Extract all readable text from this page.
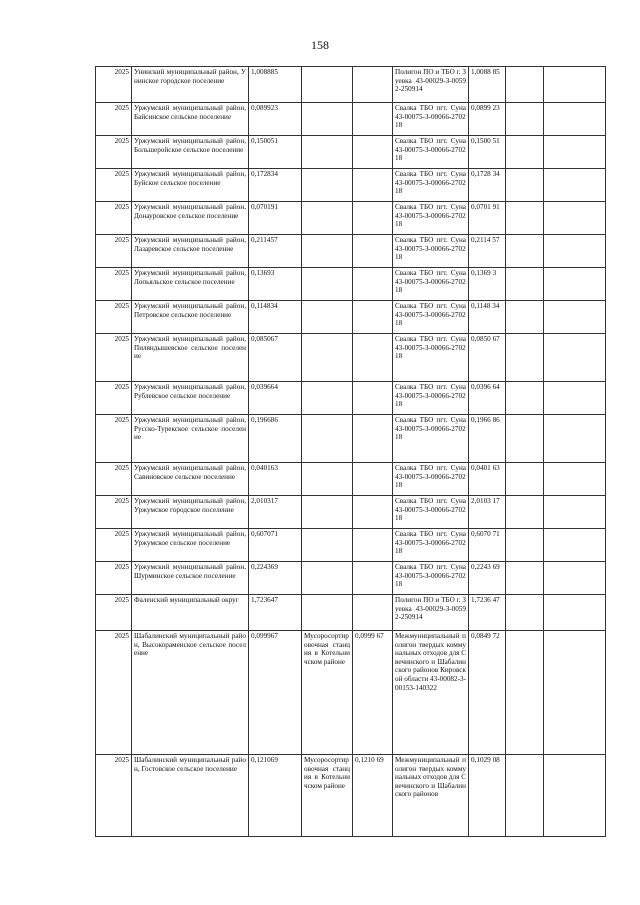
158
2025	Унинский муниципальный район, Унинское городское поселение	1,008885			Полигон ПО и ТБО г. Зуевка 43-00029-З-00592-250914	1,0088 85		
2025	Уржумский муниципальный район, Байсинское сельское поселение	0,089923			Свалка ТБО пгт. Суна 43-00075-З-00066-270218	0,0899 23		
2025	Уржумский муниципальный район, Большеройское сельское поселение	0,150051			Свалка ТБО пгт. Суна 43-00075-З-00066-270218	0,1500 51		
2025	Уржумский муниципальный район, Буйское сельское поселение	0,172834			Свалка ТБО пгт. Суна 43-00075-З-00066-270218	0,1728 34		
2025	Уржумский муниципальный район, Донауровское сельское поселение	0,070191			Свалка ТБО пгт. Суна 43-00075-З-00066-270218	0,0701 91		
2025	Уржумский муниципальный район, Лазаревское сельское поселение	0,211457			Свалка ТБО пгт. Суна 43-00075-З-00066-270218	0,2114 57		
2025	Уржумский муниципальный район, Лопьяльское сельское поселение	0,13693			Свалка ТБО пгт. Суна 43-00075-З-00066-270218	0,1369 3		
2025	Уржумский муниципальный район, Петровское сельское поселение	0,114834			Свалка ТБО пгт. Суна 43-00075-З-00066-270218	0,1148 34		
2025	Уржумский муниципальный район, Пиляндышевское сельское поселение	0,085067			Свалка ТБО пгт. Суна 43-00075-З-00066-270218	0,0850 67		
2025	Уржумский муниципальный район, Рублевское сельское поселение	0,039664			Свалка ТБО пгт. Суна 43-00075-З-00066-270218	0,0396 64		
2025	Уржумский муниципальный район, Русско-Турекское сельское поселение	0,196686			Свалка ТБО пгт. Суна 43-00075-З-00066-270218	0,1966 86		
2025	Уржумский муниципальный район, Савиновское сельское поселение	0,040163			Свалка ТБО пгт. Суна 43-00075-З-00066-270218	0,0401 63		
2025	Уржумский муниципальный район, Уржумское городское поселение	2,010317			Свалка ТБО пгт. Суна 43-00075-З-00066-270218	2,0103 17		
2025	Уржумский муниципальный район, Уржумское сельское поселение	0,607071			Свалка ТБО пгт. Суна 43-00075-З-00066-270218	0,6070 71		
2025	Уржумский муниципальный район, Шурминское сельское поселение	0,224369			Свалка ТБО пгт. Суна 43-00075-З-00066-270218	0,2243 69		
2025	Фаленский муниципальный округ	1,723647			Полигон ПО и ТБО г. Зуевка 43-00029-З-00592-250914	1,7236 47		
2025	Шабалинский муниципальный район, Высокораменское сельское поселение	0,099967	Мусоросортировочная станция в Котельничском районе	0,0999 67	Межмуниципальный полигон твердых коммунальных отходов для Свечинского и Шабалинского районов Кировской области 43-00082-З-00153-140322	0,0849 72		
2025	Шабалинский муниципальный район, Гостовское сельское поселение	0,121069	Мусоросортировочная станция в Котельничском районе	0,1210 69	Межмуниципальный полигон твердых коммунальных отходов для Свечинского и Шабалинского районов	0,1029 08		
